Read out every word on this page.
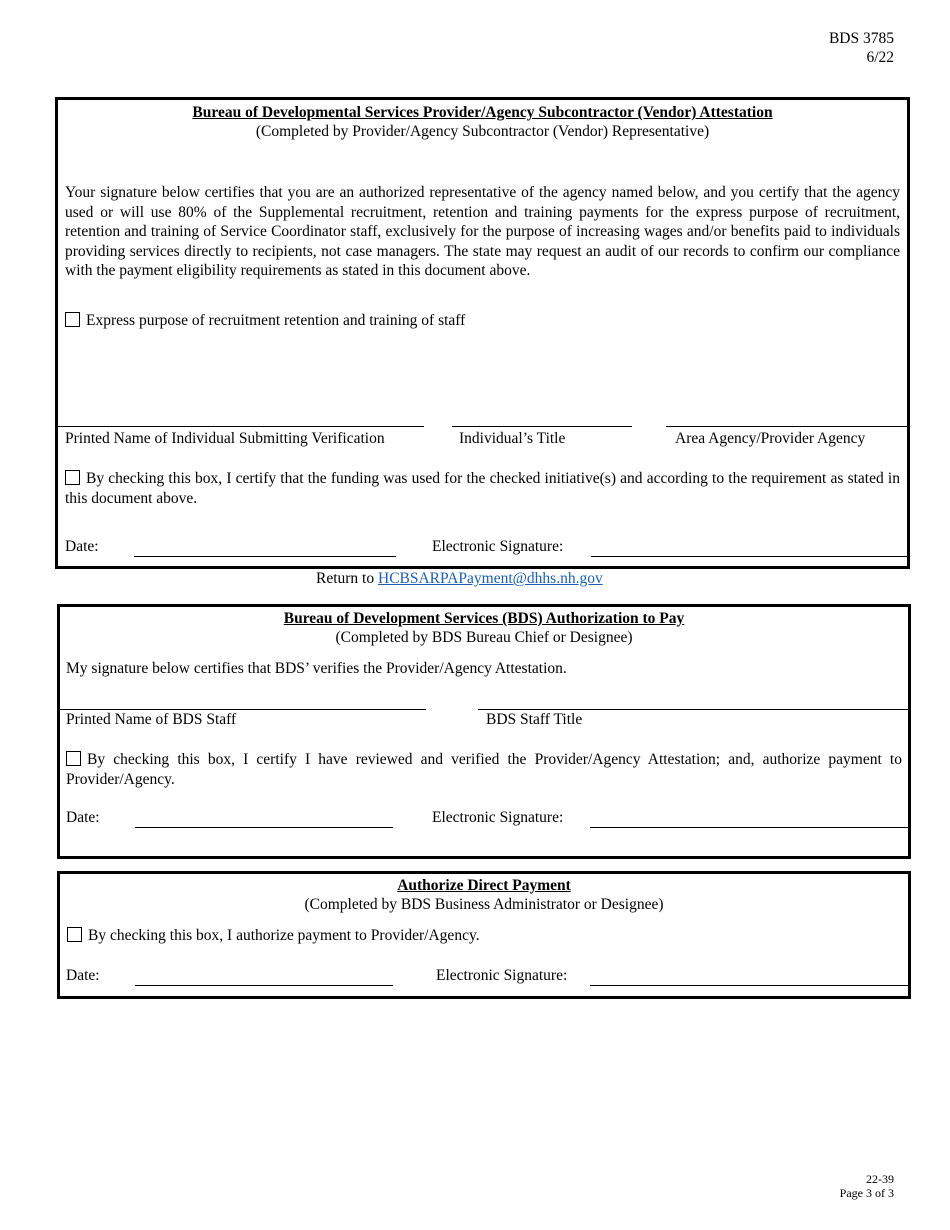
BDS 3785
6/22
Bureau of Developmental Services Provider/Agency Subcontractor (Vendor) Attestation
(Completed by Provider/Agency Subcontractor (Vendor) Representative)
Your signature below certifies that you are an authorized representative of the agency named below, and you certify that the agency used or will use 80% of the Supplemental recruitment, retention and training payments for the express purpose of recruitment, retention and training of Service Coordinator staff, exclusively for the purpose of increasing wages and/or benefits paid to individuals providing services directly to recipients, not case managers. The state may request an audit of our records to confirm our compliance with the payment eligibility requirements as stated in this document above.
Express purpose of recruitment retention and training of staff
Printed Name of Individual Submitting Verification	Individual’s Title	Area Agency/Provider Agency
By checking this box, I certify that the funding was used for the checked initiative(s) and according to the requirement as stated in this document above.
Date:	Electronic Signature:
Return to HCBSARPAPayment@dhhs.nh.gov
Bureau of Development Services (BDS) Authorization to Pay
(Completed by BDS Bureau Chief or Designee)
My signature below certifies that BDS’ verifies the Provider/Agency Attestation.
Printed Name of BDS Staff	BDS Staff Title
By checking this box, I certify I have reviewed and verified the Provider/Agency Attestation; and, authorize payment to Provider/Agency.
Date:	Electronic Signature:
Authorize Direct Payment
(Completed by BDS Business Administrator or Designee)
By checking this box, I authorize payment to Provider/Agency.
Date:	Electronic Signature:
22-39
Page 3 of 3
